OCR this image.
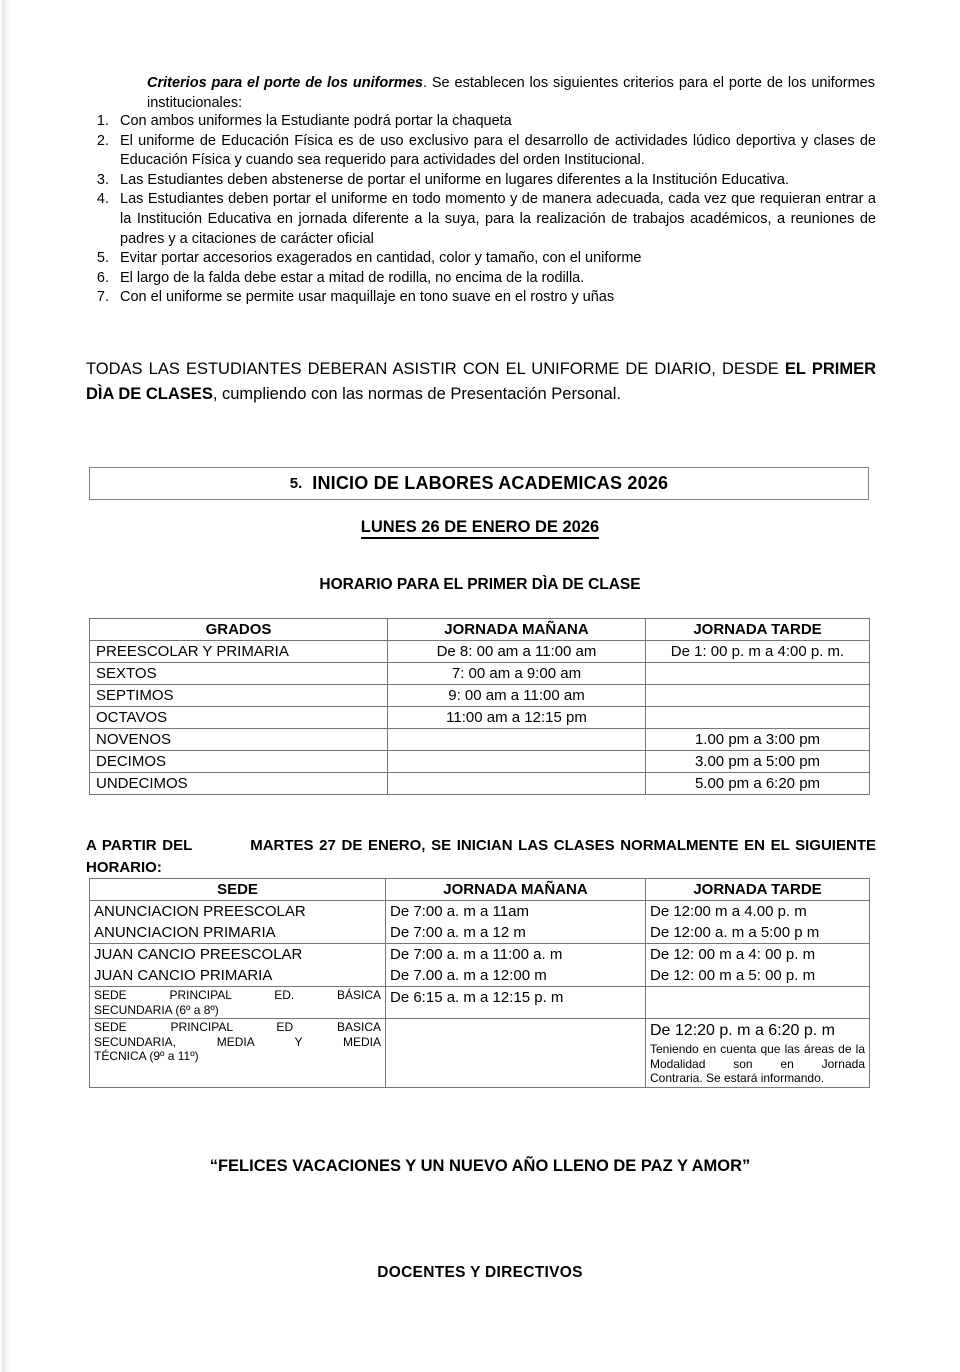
Criterios para el porte de los uniformes. Se establecen los siguientes criterios para el porte de los uniformes institucionales:

1. Con ambos uniformes la Estudiante podrá portar la chaqueta
2. El uniforme de Educación Física es de uso exclusivo para el desarrollo de actividades lúdico deportiva y clases de Educación Física y cuando sea requerido para actividades del orden Institucional.
3. Las Estudiantes deben abstenerse de portar el uniforme en lugares diferentes a la Institución Educativa.
4. Las Estudiantes deben portar el uniforme en todo momento y de manera adecuada, cada vez que requieran entrar a la Institución Educativa en jornada diferente a la suya, para la realización de trabajos académicos, a reuniones de padres y a citaciones de carácter oficial
5. Evitar portar accesorios exagerados en cantidad, color y tamaño, con el uniforme
6. El largo de la falda debe estar a mitad de rodilla, no encima de la rodilla.
7. Con el uniforme se permite usar maquillaje en tono suave en el rostro y uñas

TODAS LAS ESTUDIANTES DEBERAN ASISTIR CON EL UNIFORME DE DIARIO, DESDE EL PRIMER DÌA DE CLASES, cumpliendo con las normas de Presentación Personal.

5. INICIO DE LABORES ACADEMICAS 2026
LUNES 26 DE ENERO DE 2026
HORARIO PARA EL PRIMER DÌA DE CLASE
GRADOS	JORNADA MAÑANA	JORNADA TARDE
PREESCOLAR Y PRIMARIA	De 8: 00 am a 11:00 am	De 1: 00 p. m a 4:00 p. m.
SEXTOS	7: 00 am a 9:00 am	
SEPTIMOS	9: 00 am a 11:00 am	
OCTAVOS	11:00 am a 12:15 pm	
NOVENOS		1.00 pm a 3:00 pm
DECIMOS		3.00 pm a 5:00 pm
UNDECIMOS		5.00 pm a 6:20 pm

A PARTIR DEL	MARTES 27 DE ENERO, SE INICIAN LAS CLASES NORMALMENTE EN EL SIGUIENTE HORARIO:

SEDE	JORNADA MAÑANA	JORNADA TARDE
ANUNCIACION PREESCOLAR	De 7:00 a. m a 11am	De 12:00 m a 4.00 p. m
ANUNCIACION PRIMARIA	De 7:00 a. m a 12 m	De 12:00 a. m a 5:00 p m
JUAN CANCIO PREESCOLAR	De 7:00 a. m a 11:00 a. m	De 12: 00 m a 4: 00 p. m
JUAN CANCIO PRIMARIA	De 7.00 a. m a 12:00 m	De 12: 00 m a 5: 00 p. m

SEDE PRINCIPAL ED. BÁSICA
SECUNDARIA (6º a 8º)	De 6:15 a. m a 12:15 p. m	

SEDE PRINCIPAL ED BASICA
SECUNDARIA, MEDIA Y MEDIA
TÉCNICA (9º a 11º)		De 12:20 p. m a 6:20 p. m
Teniendo en cuenta que las áreas de la Modalidad son en Jornada
Contraria. Se estará informando.
“FELICES VACACIONES Y UN NUEVO AÑO LLENO DE PAZ Y AMOR”
DOCENTES Y DIRECTIVOS
